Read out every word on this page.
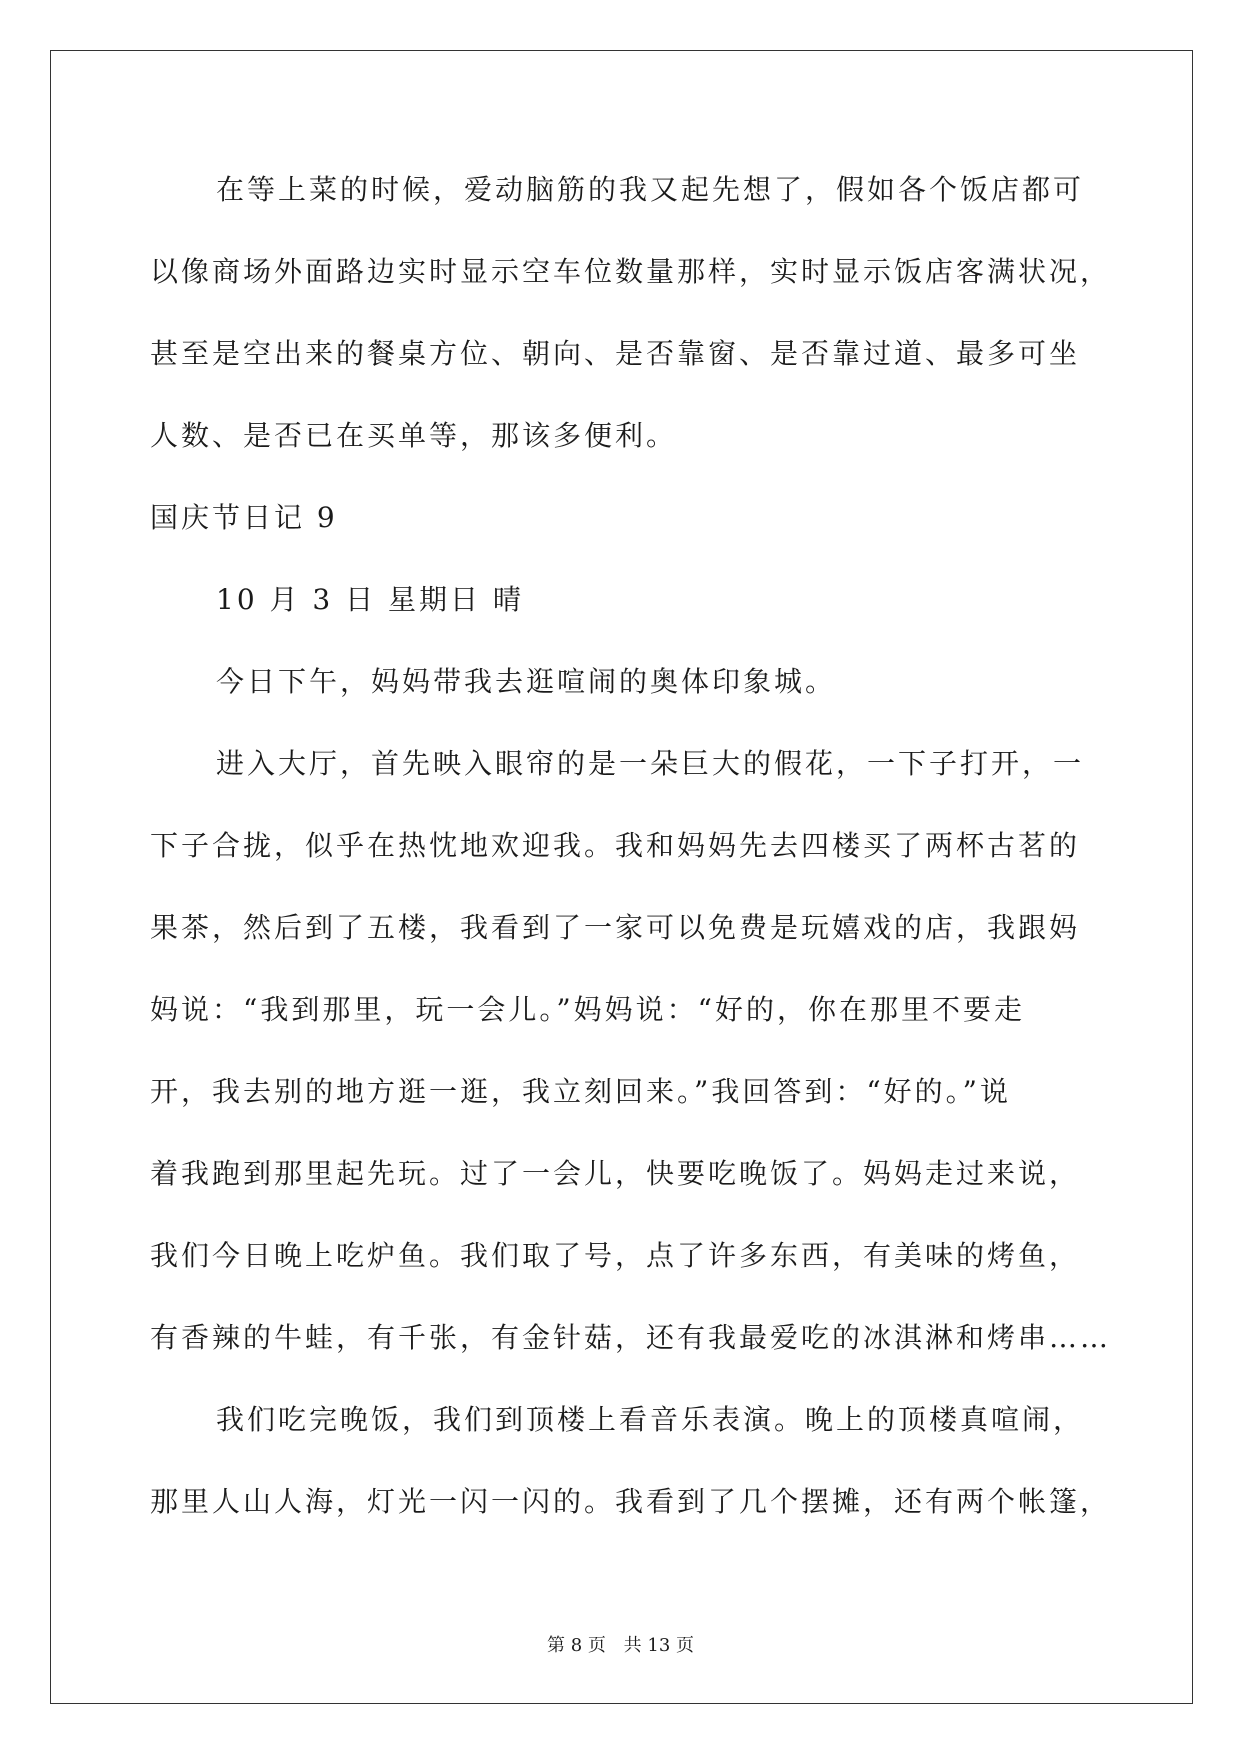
在等上菜的时候，爱动脑筋的我又起先想了，假如各个饭店都可
以像商场外面路边实时显示空车位数量那样，实时显示饭店客满状况，
甚至是空出来的餐桌方位、朝向、是否靠窗、是否靠过道、最多可坐
人数、是否已在买单等，那该多便利。
国庆节日记 9
10 月 3 日 星期日 晴
今日下午，妈妈带我去逛喧闹的奥体印象城。
进入大厅，首先映入眼帘的是一朵巨大的假花，一下子打开，一
下子合拢，似乎在热忱地欢迎我。我和妈妈先去四楼买了两杯古茗的
果茶，然后到了五楼，我看到了一家可以免费是玩嬉戏的店，我跟妈
妈说：“我到那里，玩一会儿。”妈妈说：“好的，你在那里不要走
开，我去别的地方逛一逛，我立刻回来。”我回答到：“好的。”说
着我跑到那里起先玩。过了一会儿，快要吃晚饭了。妈妈走过来说，
我们今日晚上吃炉鱼。我们取了号，点了许多东西，有美味的烤鱼，
有香辣的牛蛙，有千张，有金针菇，还有我最爱吃的冰淇淋和烤串……
我们吃完晚饭，我们到顶楼上看音乐表演。晚上的顶楼真喧闹，
那里人山人海，灯光一闪一闪的。我看到了几个摆摊，还有两个帐篷，
第 8 页 共 13 页
